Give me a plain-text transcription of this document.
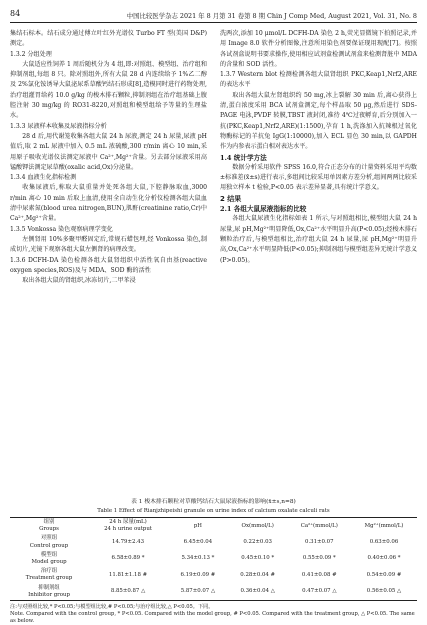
84	中国比较医学杂志 2021 年 8 月第 31 卷第 8 期 Chin J Comp Med, August 2021, Vol. 31, No. 8

集结石标本。结石成分通过傅立叶红外光谱仪 Turbo FT 型(美国 D&P)测定。

1.3.2 分组处理

大鼠适应性饲养 1 周后随机分为 4 组,即:对照组、模型组、治疗组和抑制剂组,每组 8 只。除对照组外,所有大鼠 28 d 内连续给予 1%乙二醇及 2%氯化铵诱导大鼠泌尿系草酸钙结石形成[8],造模同时进行药物处理,治疗组灌胃给药 10.0 g/kg 的梭木排石颗粒,抑制剂组在治疗组基础上腹腔注射 30 mg/kg 的 RO31-8220,对照组和模型组给予等量的生理盐水。

1.3.3 尿液样本收集及尿液指标分析

28 d 后,用代谢笼收集各组大鼠 24 h 尿液,测定 24 h 尿量,尿液 pH 值后,取 2 mL 尿液中加入 0.5 mL 浓硫酸,300 r/min 离心 10 min,采用原子吸收光谱仪法测定尿液中 Ca²⁺,Mg²⁺含量。另去部分尿液采用高锰酸钾法测定尿草酸(oxalic acid,Ox)分泌量。

1.3.4 血液生化指标检测

收集尿液后,称取大鼠重量并处死各组大鼠,下腔静脉取血,3000 r/min 离心 10 min 后取上血清,使用全自动生化分析仪检测各组大鼠血清中尿素氮(blood urea nitrogen,BUN),肌酐(creatinine ratio,Cr)中 Ca²⁺,Mg²⁺含量。

1.3.5 Vonkossa 染色观察病理学变化

左侧肾用 10%多聚甲醛固定后,常规石蜡包埋,经 Vonkossa 染色,制成切片,光镜下观察各组大鼠左侧肾的病理改变。

1.3.6 DCFH-DA 染色检测各组大鼠肾组织中活性氧自由基(reactive oxygen species,ROS)及与 MDA、SOD 酶的活性

取出各组大鼠的肾组织,冰冻切片,二甲苯浸

洗两次,添加 10 μmol/L DCFH-DA 染色 2 h,荧光显微镜下拍照记录,并用 Image 8.0 软件分析图像,注意所用染色剂要保证现用现配[7]。按照各试剂盒说明书要求操作,使用相应试剂盒检测试剂盒来检测肾脏中 MDA 的含量和 SOD 活性。

1.3.7 Western blot 检测检测各组大鼠肾组织 PKC,Keap1,Nrf2,ARE 的表达水平

取出各组大鼠左肾组织约 50 mg,冰上裂解 30 min 后,离心获得上清,蛋白浓度采用 BCA 试剂盒测定,每个样品取 50 μg,然后进行 SDS-PAGE 电泳,PVDF 转膜,TBST 液封闭,准待 4℃过夜孵育,后分别加入一抗(PKC,Keap1,Nrf2,ARE)(1:1500),孕育 1 h,洗涤加入抗辣根过氧化物酶标记的羊抗兔 IgG(1:10000),加入 ECL 显色 30 min,以 GAPDH 作为内参表示蛋白相对表达水平。

1.4 统计学方法

数据分析采用软件 SPSS 16.0,符合正态分布的计量资料采用平均数±标准差(x̄±s)进行表示,多组间比较采用单因素方差分析,组间两两比较采用独立样本 t 检验,P<0.05 表示差异显著,具有统计学意义。

2 结果

2.1 各组大鼠尿液指标的比较

各组大鼠尿液生化指标如表 1 所示,与对照组相比,模型组大鼠 24 h 尿量,尿 pH,Mg²⁺明显降低,Ox,Ca²⁺水平明显升高(P<0.05);经梭木排石颗粒治疗后,与模型组相比,治疗组大鼠 24 h 尿量,尿 pH,Mg²⁺明显升高,Ox,Ca²⁺水平明显降低(P<0.05);抑制剂组与模型组差异无统计学意义(P>0.05)。

表 1 梭木排石颗粒对草酸钙结石大鼠尿液指标的影响(x̄±s,n=8)
Table 1 Effect of Rianjzhipeishi granule on urine index of calcium oxalate calculi rats
组别
Groups	24 h 尿量(mL)
24 h urine output	pH	Ox(mmol/L)	Ca²⁺(mmol/L)	Mg²⁺(mmol/L)

对照组
Control group	14.79±2.43	6.45±0.04	0.22±0.03	0.31±0.07	0.63±0.06
模型组
Model group	6.58±0.89 *	5.34±0.13 *	0.45±0.10 *	0.55±0.09 *	0.40±0.06 *
治疗组
Treatment group	11.81±1.18 #	6.19±0.09 #	0.28±0.04 #	0.41±0.08 #	0.54±0.09 #
抑制剂组
Inhibitor group	8.85±0.87 △	5.87±0.07 △	0.36±0.04 △	0.47±0.07 △	0.56±0.05 △

注:与对照组比较,* P<0.05;与模型组比较,# P<0.05;与治疗组比较,△ P<0.05。下同。

Note. Compared with the control group, * P<0.05. Compared with the model group, # P<0.05. Compared with the treatment group, △ P<0.05. The same as below.
